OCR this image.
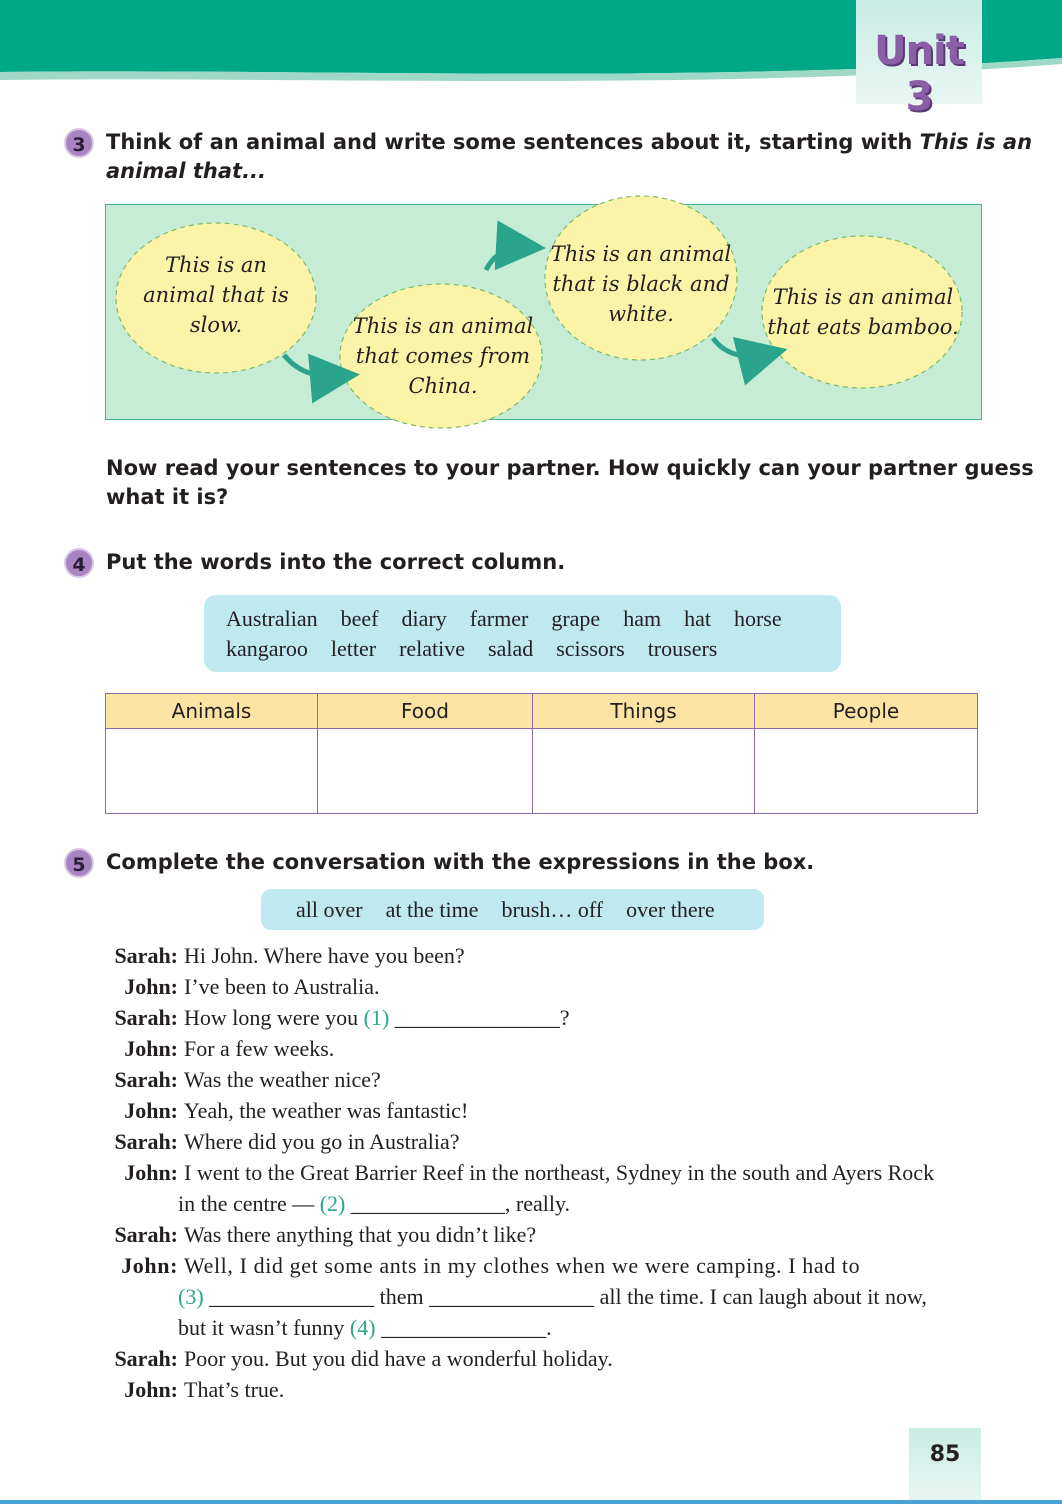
Unit 3
3 Think of an animal and write some sentences about it, starting with This is an
animal that...
This is an
animal that is
slow.	This is an animal
that comes from
China.
This is an animal
that is black and
white.
This is an animal
that eats bamboo.
Now read your sentences to your partner. How quickly can your partner guess
what it is?
4 Put the words into the correct column.
Australian beef diary farmer grape ham hat horse
kangaroo letter relative salad scissors trousers
Animals	Food	Things	People

5 Complete the conversation with the expressions in the box.
all over at the time brush… off over there
Sarah: Hi John. Where have you been?
John: I’ve been to Australia.
Sarah: How long were you (1) _______________?
John: For a few weeks.
Sarah: Was the weather nice?
John: Yeah, the weather was fantastic!
Sarah: Where did you go in Australia?
John: I went to the Great Barrier Reef in the northeast, Sydney in the south and Ayers Rock
in the centre — (2) ______________, really.
Sarah: Was there anything that you didn’t like?
John: Well, I did get some ants in my clothes when we were camping. I had to
(3) _______________ them _______________ all the time. I can laugh about it now,
but it wasn’t funny (4) _______________.
Sarah: Poor you. But you did have a wonderful holiday.
John: That’s true.
85
